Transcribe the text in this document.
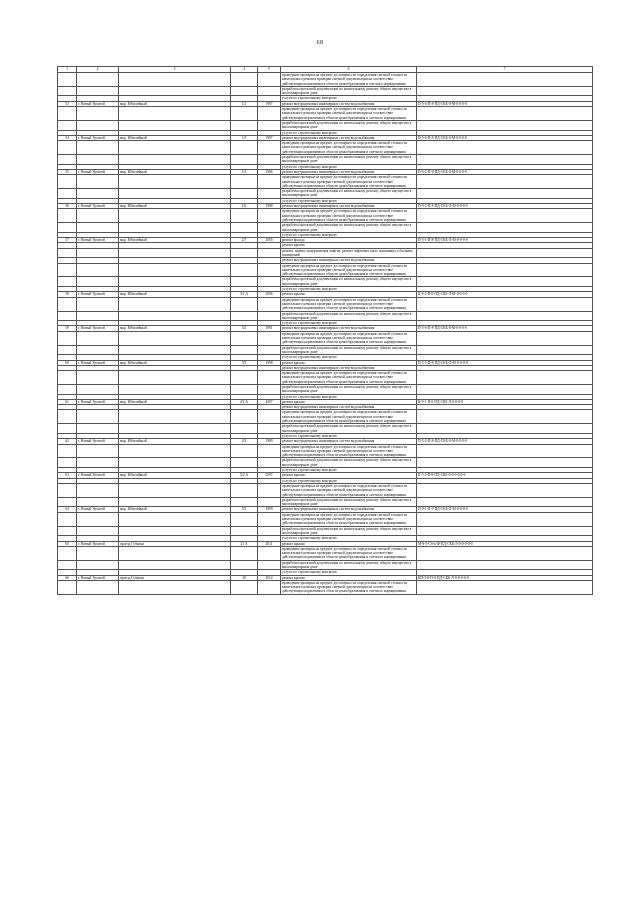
68
1	2	3	4	5	6	7
					проведение проверки на предмет достоверности определения сметной стоимости капитального ремонта проверки сметной документации на соответствие действующим нормативам в области ценообразования в сметного нормирования	
					разработка проектной документации по капитальному ремонту общего имущества в многоквартирном доме	
					услуги по строительному контролю	
53	г. Новый Уренгой	мкр. Юбилейный	1/2	1987	ремонт внутридомовых инженерных систем водоснабжения	П-5-4-П-8-ПД-СКБ-0-М-0-0-0-0
					проведение проверки на предмет достоверности определения сметной стоимости капитального ремонта проверки сметной документации на соответствие действующим нормативам в области ценообразования и сметного нормирования	
					разработка проектной документации по капитальному ремонту общего имущества в многоквартирном доме	
					услуги по строительному контролю	
54	г. Новый Уренгой	мкр. Юбилейный	1/5	1987	ремонт внутридомовых инженерных систем водоснабжения	П-5-6-П-8-ПД-СКБ-0-М-0-0-0-0
					проведение проверки на предмет достоверности определения сметной стоимости капитального ремонта проверки сметной документации на соответствие действующим нормативам в области ценообразования и сметного нормирования	
					разработка проектной документации по капитальному ремонту общего имущества в многоквартирном доме	
					услуги по строительному контролю	
55	г. Новый Уренгой	мкр. Юбилейный	1/5	1986	ремонт внутридомовых инженерных систем водоснабжения	П-5-2-П-9-ПД-СКБ-0-М-0-0-0-0
					проведение проверки на предмет достоверности определения сметной стоимости капитального ремонта проверки сметной документации на соответствие действующим нормативам в области ценообразования и сметного нормирования	
					разработка проектной документации по капитальному ремонту общего имущества в многоквартирном доме	
					услуги по строительному контролю	
56	г. Новый Уренгой	мкр. Юбилейный	1/6	1988	ремонт внутридомовых инженерных систем водоснабжения	П-9-2-П-8-ПД-СКБ-Л-М-0-0-0-0
					проведение проверки на предмет достоверности определения сметной стоимости капитального ремонта проверки сметной документации на соответствие действующим нормативам в области ценообразования и сметного нормирования	
					разработка проектной документации по капитальному ремонту общего имущества в многоквартирном доме	
					услуги по строительному контролю	
57	г. Новый Уренгой	мкр. Юбилейный	2/7	2005	ремонт фасада	П-5-1-П-8-ПД-СКБ-Л-М-0-0-0-0
					ремонт крыши	
					ремонт, замена, модернизация лифтов, ремонт лифтовых шахт, машинных и блочных помещений	
					ремонт внутридомовых инженерных систем водоснабжения	
					проведение проверки на предмет достоверности определения сметной стоимости капитального ремонта проверки сметной документации на соответствие действующим нормативам в области ценообразования и сметного нормирования	
					разработка проектной документации по капитальному ремонту общего имущества в многоквартирном доме	
					услуги по строительному контролю	
58	г. Новый Уренгой	мкр. Юбилейный	3/1 А	2006	ремонт крыши	К-9-2-П-0-ПД-СКБ-Л-М-0-0-0-0
					проведение проверки на предмет достоверности определения сметной стоимости капитального ремонта проверки сметной документации на соответствие действующим нормативам в области ценообразования и сметного нормирования	
					разработка проектной документации по капитальному ремонту общего имущества в многоквартирном доме	
					услуги по строительному контролю	
59	г. Новый Уренгой	мкр. Юбилейный	3/2	1991	ремонт внутридомовых инженерных систем водоснабжения	П-5-6-П-8-ПД-СКБ-0-М-0-0-0-0
					проведение проверки на предмет достоверности определения сметной стоимости капитального ремонта проверки сметной документации на соответствие действующим нормативам в области ценообразования и сметного нормирования	
					разработка проектной документации по капитальному ремонту общего имущества в многоквартирном доме	
					услуги по строительному контролю	
60	г. Новый Уренгой	мкр. Юбилейный	3/5	1998	ремонт крыши	П-5-5-П-8-ПД-СКБ-Л-М-0-0-0-0
					ремонт внутридомовых инженерных систем водоснабжения	
					проведение проверки на предмет достоверности определения сметной стоимости капитального ремонта проверки сметной документации на соответствие действующим нормативам в области ценообразования и сметного нормирования	
					разработка проектной документации по капитальному ремонту общего имущества в многоквартирном доме	
					услуги по строительному контролю	
61	г. Новый Уренгой	мкр. Юбилейный	4/1 А	2007	ремонт крыши	К-9-1-П-0-ПД-СКБ-Л-0-0-0-0
					ремонт внутридомовых инженерных систем водоснабжения	
					проведение проверки на предмет достоверности определения сметной стоимости капитального ремонта проверки сметной документации на соответствие действующим нормативам в области ценообразования и сметного нормирования	
					разработка проектной документации по капитальному ремонту общего имущества в многоквартирном доме	
					услуги по строительному контролю	
62	г. Новый Уренгой	мкр. Юбилейный	4/3	1989	ремонт внутридомовых инженерных систем водоснабжения	П-5-2-П-8-ПД-СКБ-0-М-0-0-0-0
					проведение проверки на предмет достоверности определения сметной стоимости капитального ремонта проверки сметной документации на соответствие действующим нормативам в области ценообразования и сметного нормирования	
					разработка проектной документации по капитальному ремонту общего имущества в многоквартирном доме	
					услуги по строительному контролю	
63	г. Новый Уренгой	мкр. Юбилейный	5/2 А	2007	ремонт крыши	К-5-2-П-0-ПД-СКБ-0-0-0-0-0-0
					услуги по строительному контролю	
					проведение проверки на предмет достоверности определения сметной стоимости капитального ремонта проверки сметной документации на соответствие действующим нормативам в области ценообразования и сметного нормирования	
					разработка проектной документации по капитальному ремонту общего имущества в многоквартирном доме	
64	г. Новый Уренгой	мкр. Юбилейный	5/5	1999	ремонт внутридомовых инженерных систем водоснабжения	П-9-1-П-9-ПД-СКБ-Л-М-0-0-0-0
					проведение проверки на предмет достоверности определения сметной стоимости капитального ремонта проверки сметной документации на соответствие действующим нормативам в области ценообразования и сметного нормирования	
					разработка проектной документации по капитальному ремонту общего имущества в многоквартирном доме	
					услуги по строительному контролю	
65	г. Новый Уренгой	проезд Губкина	21 А	2011	ремонт крыши	М-9-5-Сб-к-Ф-ПД-СКБ-Л-0-0-0-0-0
					проведение проверки на предмет достоверности определения сметной стоимости капитального ремонта проверки сметной документации на соответствие действующим нормативам в области ценообразования и сметного нормирования	
					разработка проектной документации по капитальному ремонту общего имущества в многоквартирном доме	
					услуги по строительному контролю	
66	г. Новый Уренгой	проезд Губкина	28	2014	ремонт крыши	КП-5-8-П-0-ПД-СКБ-Л-0-0-0-0-0
					проведение проверки на предмет достоверности определения сметной стоимости капитального ремонта проверки сметной документации на соответствие действующим нормативам в области ценообразования и сметного нормирования	
